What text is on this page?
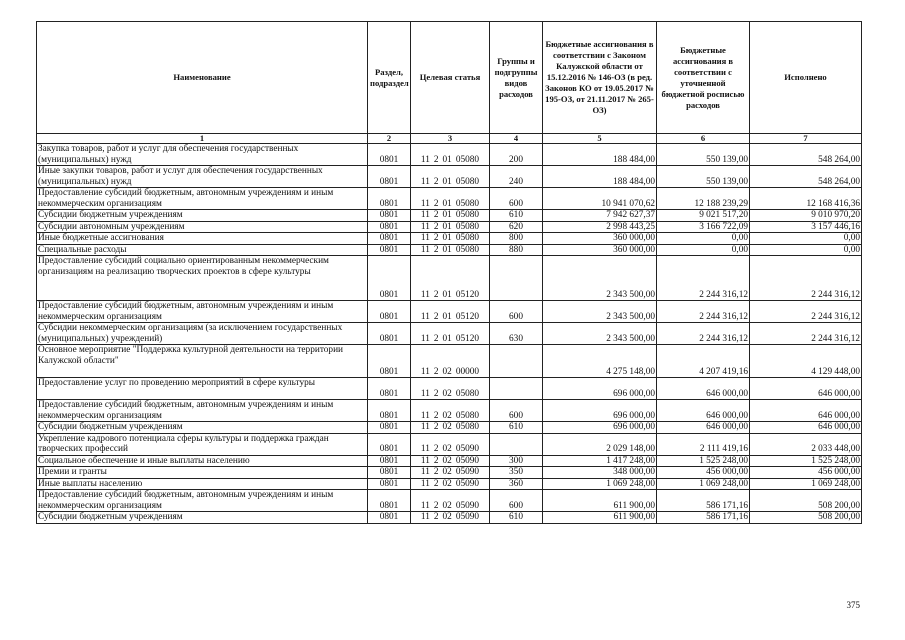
Наименование	Раздел, подраздел	Целевая статья	Группы и подгруппы видов расходов	Бюджетные ассигнования в соответствии с Законом Калужской области от 15.12.2016 № 146-ОЗ (в ред. Законов КО от 19.05.2017 № 195-ОЗ, от 21.11.2017 № 265-ОЗ)	Бюджетные ассигнования в соответствии с уточненной бюджетной росписью расходов	Исполнено
1	2	3	4	5	6	7
Закупка товаров, работ и услуг для обеспечения государственных (муниципальных) нужд	0801	11 2 01 05080	200	188 484,00	550 139,00	548 264,00
Иные закупки товаров, работ и услуг для обеспечения государственных (муниципальных) нужд	0801	11 2 01 05080	240	188 484,00	550 139,00	548 264,00
Предоставление субсидий бюджетным, автономным учреждениям и иным некоммерческим организациям	0801	11 2 01 05080	600	10 941 070,62	12 188 239,29	12 168 416,36
Субсидии бюджетным учреждениям	0801	11 2 01 05080	610	7 942 627,37	9 021 517,20	9 010 970,20
Субсидии автономным учреждениям	0801	11 2 01 05080	620	2 998 443,25	3 166 722,09	3 157 446,16
Иные бюджетные ассигнования	0801	11 2 01 05080	800	360 000,00	0,00	0,00
Специальные расходы	0801	11 2 01 05080	880	360 000,00	0,00	0,00
Предоставление субсидий социально ориентированным некоммерческим организациям на реализацию творческих проектов в сфере культуры	0801	11 2 01 05120		2 343 500,00	2 244 316,12	2 244 316,12
Предоставление субсидий бюджетным, автономным учреждениям и иным некоммерческим организациям	0801	11 2 01 05120	600	2 343 500,00	2 244 316,12	2 244 316,12
Субсидии некоммерческим организациям (за исключением государственных (муниципальных) учреждений)	0801	11 2 01 05120	630	2 343 500,00	2 244 316,12	2 244 316,12
Основное мероприятие "Поддержка культурной деятельности на территории Калужской области"	0801	11 2 02 00000		4 275 148,00	4 207 419,16	4 129 448,00
Предоставление услуг по проведению мероприятий в сфере культуры	0801	11 2 02 05080		696 000,00	646 000,00	646 000,00
Предоставление субсидий бюджетным, автономным учреждениям и иным некоммерческим организациям	0801	11 2 02 05080	600	696 000,00	646 000,00	646 000,00
Субсидии бюджетным учреждениям	0801	11 2 02 05080	610	696 000,00	646 000,00	646 000,00
Укрепление кадрового потенциала сферы культуры и поддержка граждан творческих профессий	0801	11 2 02 05090		2 029 148,00	2 111 419,16	2 033 448,00
Социальное обеспечение и иные выплаты населению	0801	11 2 02 05090	300	1 417 248,00	1 525 248,00	1 525 248,00
Премии и гранты	0801	11 2 02 05090	350	348 000,00	456 000,00	456 000,00
Иные выплаты населению	0801	11 2 02 05090	360	1 069 248,00	1 069 248,00	1 069 248,00
Предоставление субсидий бюджетным, автономным учреждениям и иным некоммерческим организациям	0801	11 2 02 05090	600	611 900,00	586 171,16	508 200,00
Субсидии бюджетным учреждениям	0801	11 2 02 05090	610	611 900,00	586 171,16	508 200,00
375
